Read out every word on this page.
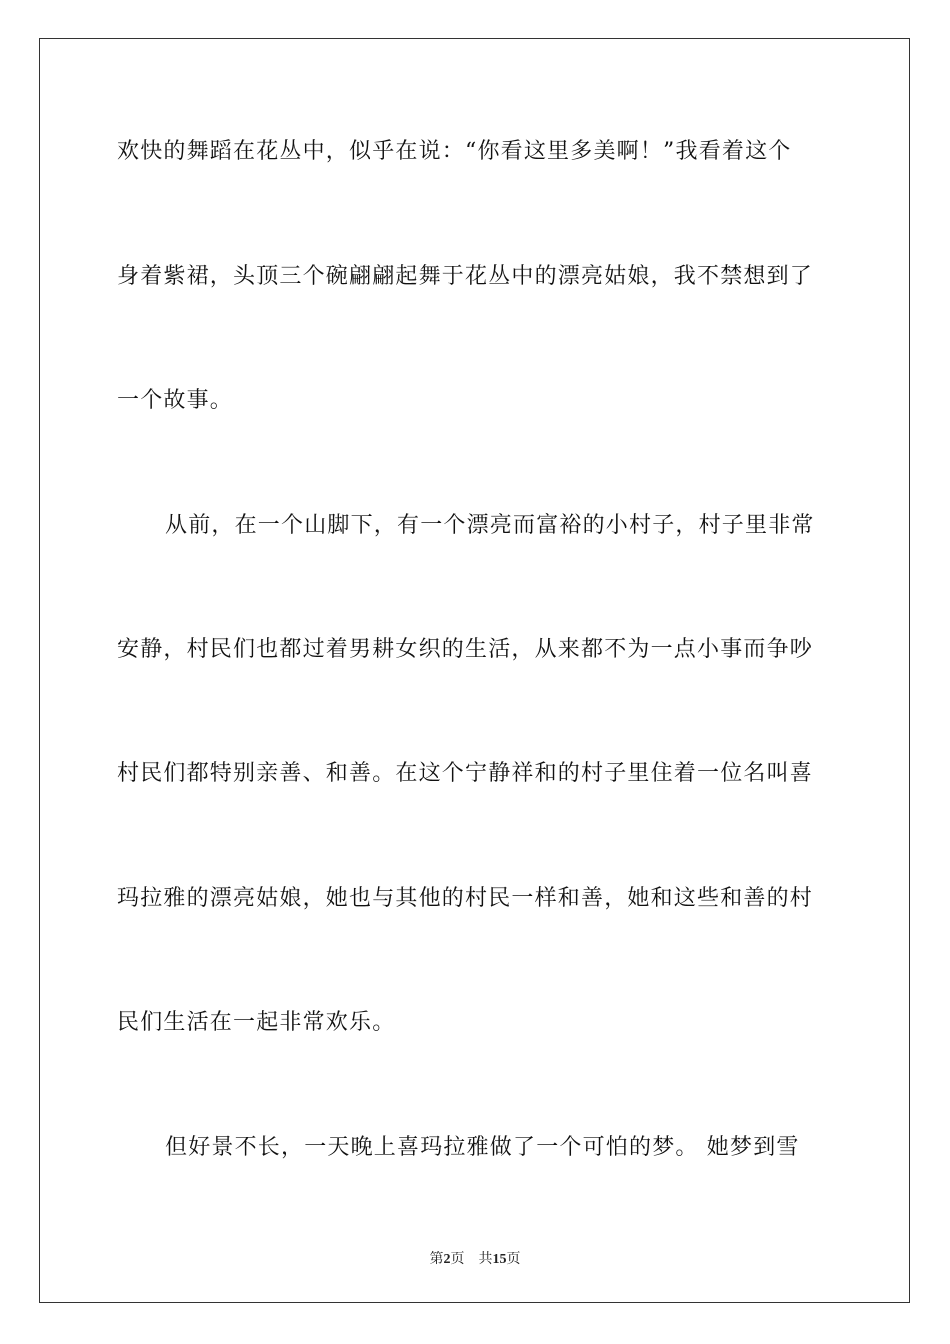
欢快的舞蹈在花丛中，似乎在说：“你看这里多美啊！”我看着这个
身着紫裙，头顶三个碗翩翩起舞于花丛中的漂亮姑娘，我不禁想到了
一个故事。
从前，在一个山脚下，有一个漂亮而富裕的小村子，村子里非常
安静，村民们也都过着男耕女织的生活，从来都不为一点小事而争吵
村民们都特别亲善、和善。在这个宁静祥和的村子里住着一位名叫喜
玛拉雅的漂亮姑娘，她也与其他的村民一样和善，她和这些和善的村
民们生活在一起非常欢乐。
但好景不长，一天晚上喜玛拉雅做了一个可怕的梦。 她梦到雪
第2页 共15页
